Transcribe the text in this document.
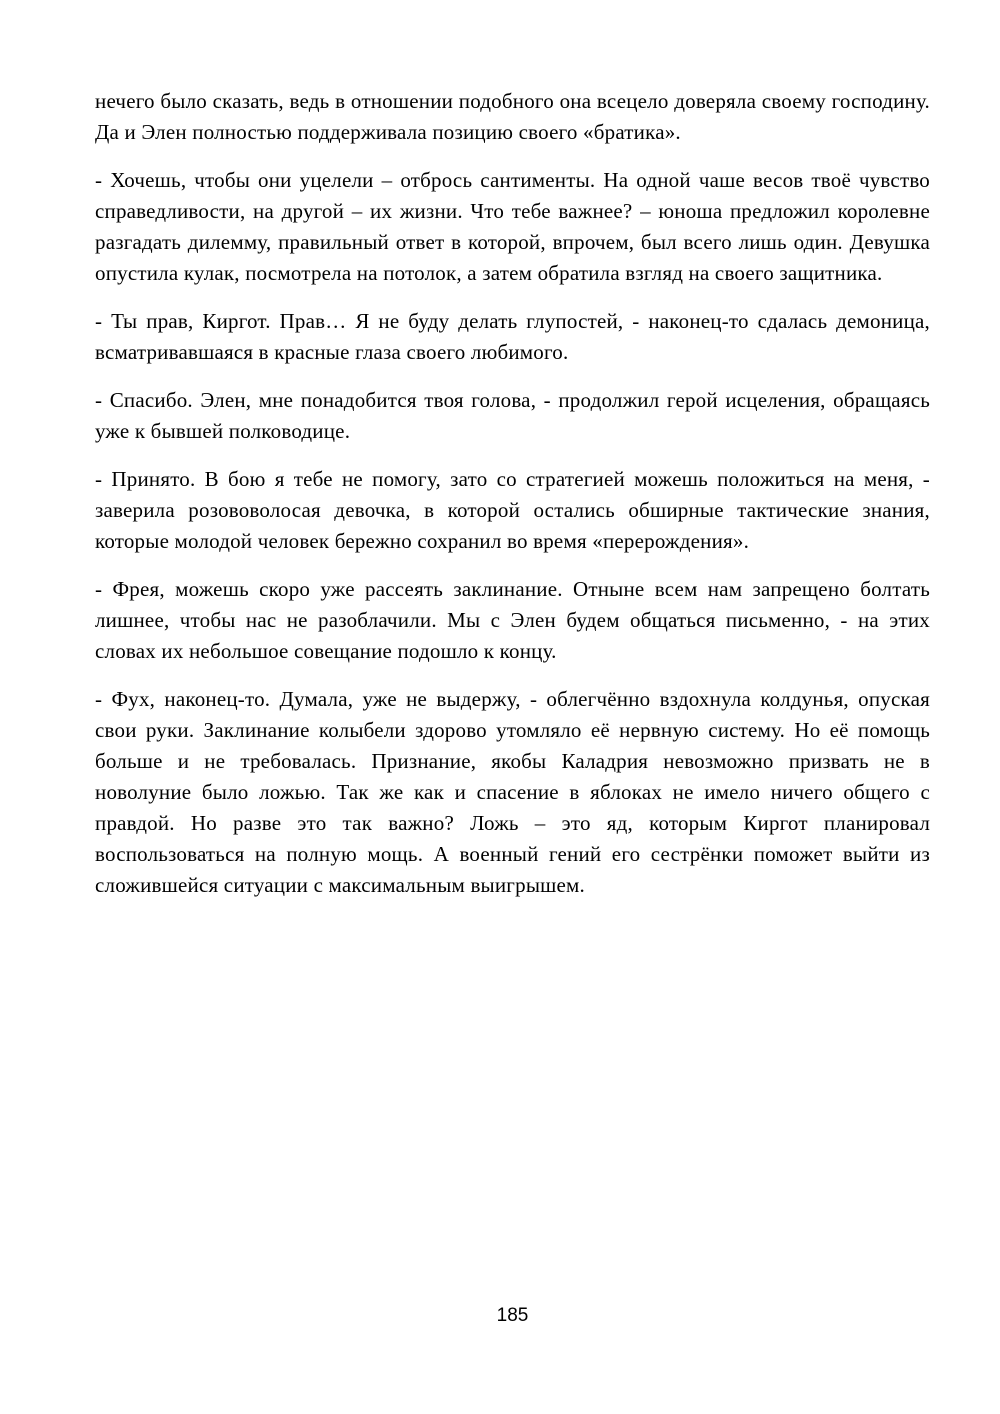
нечего было сказать, ведь в отношении подобного она всецело доверяла своему господину. Да и Элен полностью поддерживала позицию своего «братика».

- Хочешь, чтобы они уцелели – отбрось сантименты. На одной чаше весов твоё чувство справедливости, на другой – их жизни. Что тебе важнее? – юноша предложил королевне разгадать дилемму, правильный ответ в которой, впрочем, был всего лишь один. Девушка опустила кулак, посмотрела на потолок, а затем обратила взгляд на своего защитника.

- Ты прав, Киргот. Прав… Я не буду делать глупостей, - наконец-то сдалась демоница, всматривавшаяся в красные глаза своего любимого.

- Спасибо. Элен, мне понадобится твоя голова, - продолжил герой исцеления, обращаясь уже к бывшей полководице.

- Принято. В бою я тебе не помогу, зато со стратегией можешь положиться на меня, - заверила розововолосая девочка, в которой остались обширные тактические знания, которые молодой человек бережно сохранил во время «перерождения».

- Фрея, можешь скоро уже рассеять заклинание. Отныне всем нам запрещено болтать лишнее, чтобы нас не разоблачили. Мы с Элен будем общаться письменно, - на этих словах их небольшое совещание подошло к концу.

- Фух, наконец-то. Думала, уже не выдержу, - облегчённо вздохнула колдунья, опуская свои руки. Заклинание колыбели здорово утомляло её нервную систему. Но её помощь больше и не требовалась. Признание, якобы Каладрия невозможно призвать не в новолуние было ложью. Так же как и спасение в яблоках не имело ничего общего с правдой. Но разве это так важно? Ложь – это яд, которым Киргот планировал воспользоваться на полную мощь. А военный гений его сестрёнки поможет выйти из сложившейся ситуации с максимальным выигрышем.

185
